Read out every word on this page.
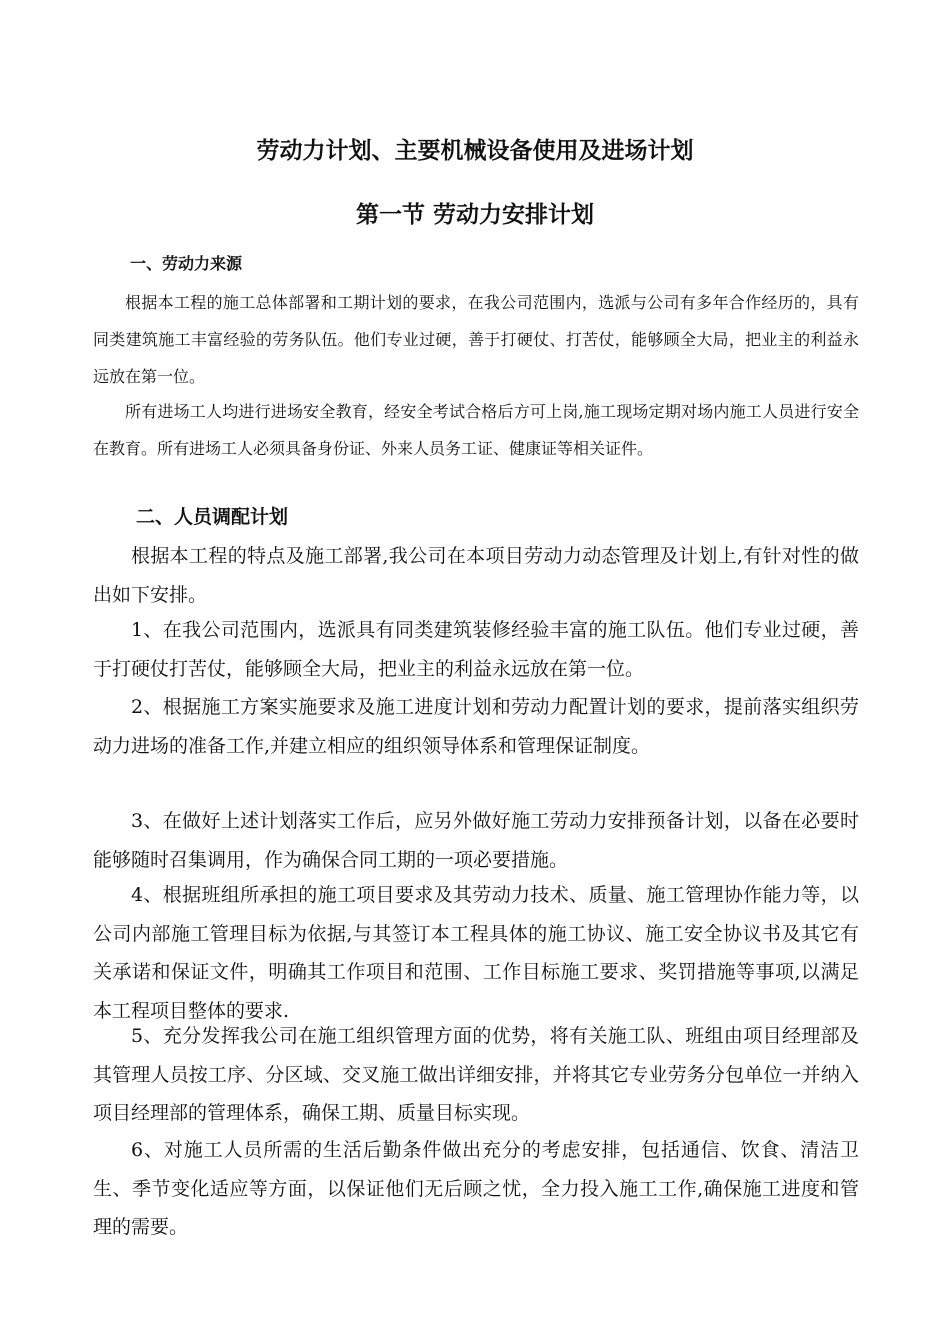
劳动力计划、主要机械设备使用及进场计划
第一节 劳动力安排计划
一、劳动力来源

根据本工程的施工总体部署和工期计划的要求，在我公司范围内，选派与公司有多年合作经历的，具有同类建筑施工丰富经验的劳务队伍。他们专业过硬，善于打硬仗、打苦仗，能够顾全大局，把业主的利益永远放在第一位。

所有进场工人均进行进场安全教育，经安全考试合格后方可上岗,施工现场定期对场内施工人员进行安全在教育。所有进场工人必须具备身份证、外来人员务工证、健康证等相关证件。

二、人员调配计划

根据本工程的特点及施工部署,我公司在本项目劳动力动态管理及计划上,有针对性的做出如下安排。

1、在我公司范围内，选派具有同类建筑装修经验丰富的施工队伍。他们专业过硬，善于打硬仗打苦仗，能够顾全大局，把业主的利益永远放在第一位。

2、根据施工方案实施要求及施工进度计划和劳动力配置计划的要求，提前落实组织劳动力进场的准备工作,并建立相应的组织领导体系和管理保证制度。

3、在做好上述计划落实工作后，应另外做好施工劳动力安排预备计划，以备在必要时能够随时召集调用，作为确保合同工期的一项必要措施。

4、根据班组所承担的施工项目要求及其劳动力技术、质量、施工管理协作能力等，以公司内部施工管理目标为依据,与其签订本工程具体的施工协议、施工安全协议书及其它有关承诺和保证文件，明确其工作项目和范围、工作目标施工要求、奖罚措施等事项,以满足本工程项目整体的要求.

5、充分发挥我公司在施工组织管理方面的优势，将有关施工队、班组由项目经理部及其管理人员按工序、分区域、交叉施工做出详细安排，并将其它专业劳务分包单位一并纳入项目经理部的管理体系，确保工期、质量目标实现。

6、对施工人员所需的生活后勤条件做出充分的考虑安排，包括通信、饮食、清洁卫生、季节变化适应等方面，以保证他们无后顾之忧，全力投入施工工作,确保施工进度和管理的需要。
